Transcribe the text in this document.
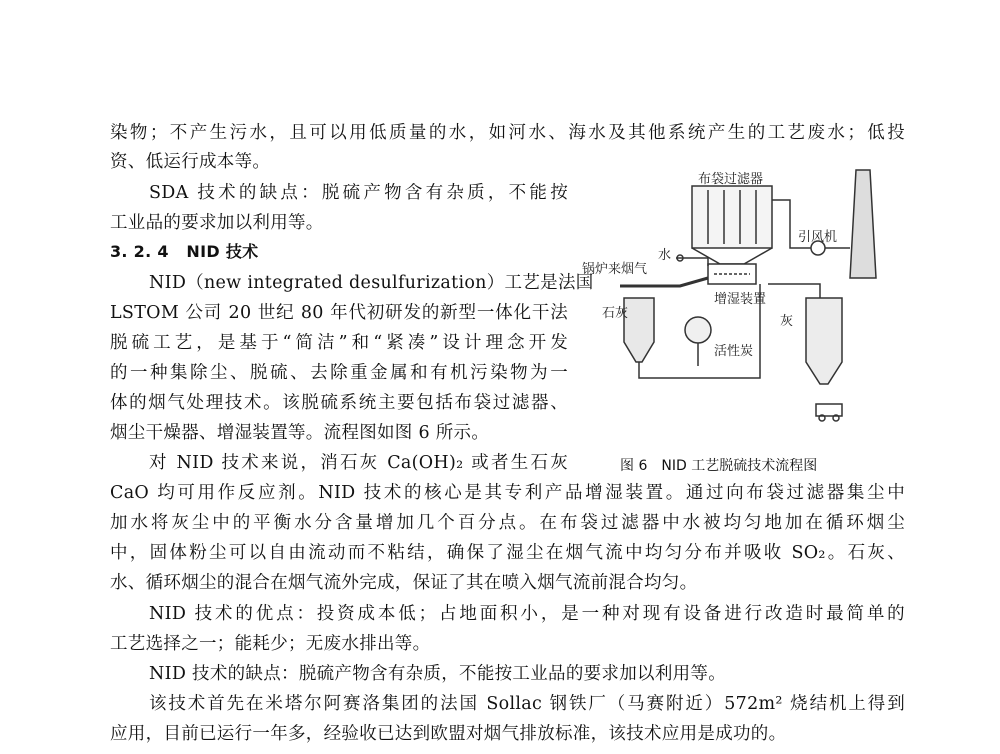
染物；不产生污水，且可以用低质量的水，如河水、海水及其他系统产生的工艺废水；低投
资、低运行成本等。
SDA 技术的缺点：脱硫产物含有杂质，不能按
工业品的要求加以利用等。
3. 2. 4 NID 技术
NID（new integrated desulfurization）工艺是法国
LSTOM 公司 20 世纪 80 年代初研发的新型一体化干法
脱硫工艺，是基于“简洁”和“紧凑”设计理念开发
的一种集除尘、脱硫、去除重金属和有机污染物为一
体的烟气处理技术。该脱硫系统主要包括布袋过滤器、
烟尘干燥器、增湿装置等。流程图如图 6 所示。
对 NID 技术来说，消石灰 Ca(OH)₂ 或者生石灰
CaO 均可用作反应剂。NID 技术的核心是其专利产品增湿装置。通过向布袋过滤器集尘中
加水将灰尘中的平衡水分含量增加几个百分点。在布袋过滤器中水被均匀地加在循环烟尘
中，固体粉尘可以自由流动而不粘结，确保了湿尘在烟气流中均匀分布并吸收 SO₂。石灰、
水、循环烟尘的混合在烟气流外完成，保证了其在喷入烟气流前混合均匀。
NID 技术的优点：投资成本低；占地面积小，是一种对现有设备进行改造时最简单的
工艺选择之一；能耗少；无废水排出等。
NID 技术的缺点：脱硫产物含有杂质，不能按工业品的要求加以利用等。
该技术首先在米塔尔阿赛洛集团的法国 Sollac 钢铁厂（马赛附近）572m² 烧结机上得到
应用，目前已运行一年多，经验收已达到欧盟对烟气排放标准，该技术应用是成功的。
布袋过滤器
水
锅炉来烟气
引风机
石灰
增湿装置
灰
活性炭
图 6　NID 工艺脱硫技术流程图
